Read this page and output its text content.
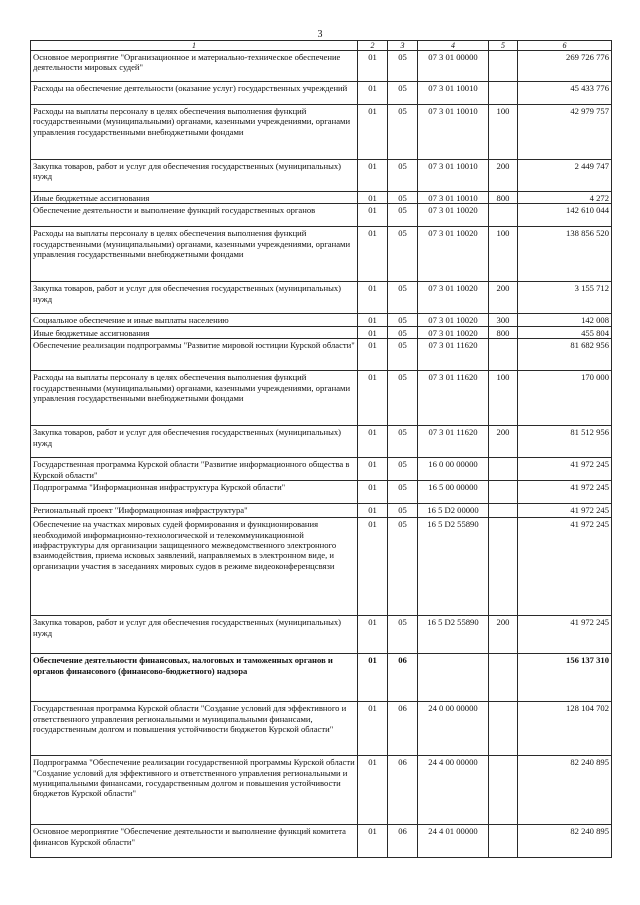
3
1	2	3	4	5	6
Основное мероприятие "Организационное и материально-техническое обеспечение деятельности мировых судей"	01	05	07 3 01 00000		269 726 776
Расходы на обеспечение деятельности (оказание услуг) государственных учреждений	01	05	07 3 01 10010		45 433 776
Расходы на выплаты персоналу в целях обеспечения выполнения функций государственными (муниципальными) органами, казенными учреждениями, органами управления государственными внебюджетными фондами	01	05	07 3 01 10010	100	42 979 757
Закупка товаров, работ и услуг для обеспечения государственных (муниципальных) нужд	01	05	07 3 01 10010	200	2 449 747
Иные бюджетные ассигнования	01	05	07 3 01 10010	800	4 272
Обеспечение деятельности и выполнение функций государственных органов	01	05	07 3 01 10020		142 610 044
Расходы на выплаты персоналу в целях обеспечения выполнения функций государственными (муниципальными) органами, казенными учреждениями, органами управления государственными внебюджетными фондами	01	05	07 3 01 10020	100	138 856 520
Закупка товаров, работ и услуг для обеспечения государственных (муниципальных) нужд	01	05	07 3 01 10020	200	3 155 712
Социальное обеспечение и иные выплаты населению	01	05	07 3 01 10020	300	142 008
Иные бюджетные ассигнования	01	05	07 3 01 10020	800	455 804
Обеспечение реализации подпрограммы "Развитие мировой юстиции Курской области"	01	05	07 3 01 11620		81 682 956
Расходы на выплаты персоналу в целях обеспечения выполнения функций государственными (муниципальными) органами, казенными учреждениями, органами управления государственными внебюджетными фондами	01	05	07 3 01 11620	100	170 000
Закупка товаров, работ и услуг для обеспечения государственных (муниципальных) нужд	01	05	07 3 01 11620	200	81 512 956
Государственная программа Курской области "Развитие информационного общества в Курской области"	01	05	16 0 00 00000		41 972 245
Подпрограмма "Информационная инфраструктура Курской области"	01	05	16 5 00 00000		41 972 245
Региональный проект "Информационная инфраструктура"	01	05	16 5 D2 00000		41 972 245
Обеспечение на участках мировых судей формирования и функционирования необходимой информационно-технологической и телекоммуникационной инфраструктуры для организации защищенного межведомственного электронного взаимодействия, приема исковых заявлений, направляемых в электронном виде, и организации участия в заседаниях мировых судов в режиме видеоконференцсвязи	01	05	16 5 D2 55890		41 972 245
Закупка товаров, работ и услуг для обеспечения государственных (муниципальных) нужд	01	05	16 5 D2 55890	200	41 972 245
Обеспечение деятельности финансовых, налоговых и таможенных органов и органов финансового (финансово-бюджетного) надзора	01	06			156 137 310
Государственная программа Курской области "Создание условий для эффективного и ответственного управления региональными и муниципальными финансами, государственным долгом и повышения устойчивости бюджетов Курской области"	01	06	24 0 00 00000		128 104 702
Подпрограмма "Обеспечение реализации государственной программы Курской области "Создание условий для эффективного и ответственного управления региональными и муниципальными финансами, государственным долгом и повышения устойчивости бюджетов Курской области"	01	06	24 4 00 00000		82 240 895
Основное мероприятие "Обеспечение деятельности и выполнение функций комитета финансов Курской области"	01	06	24 4 01 00000		82 240 895
